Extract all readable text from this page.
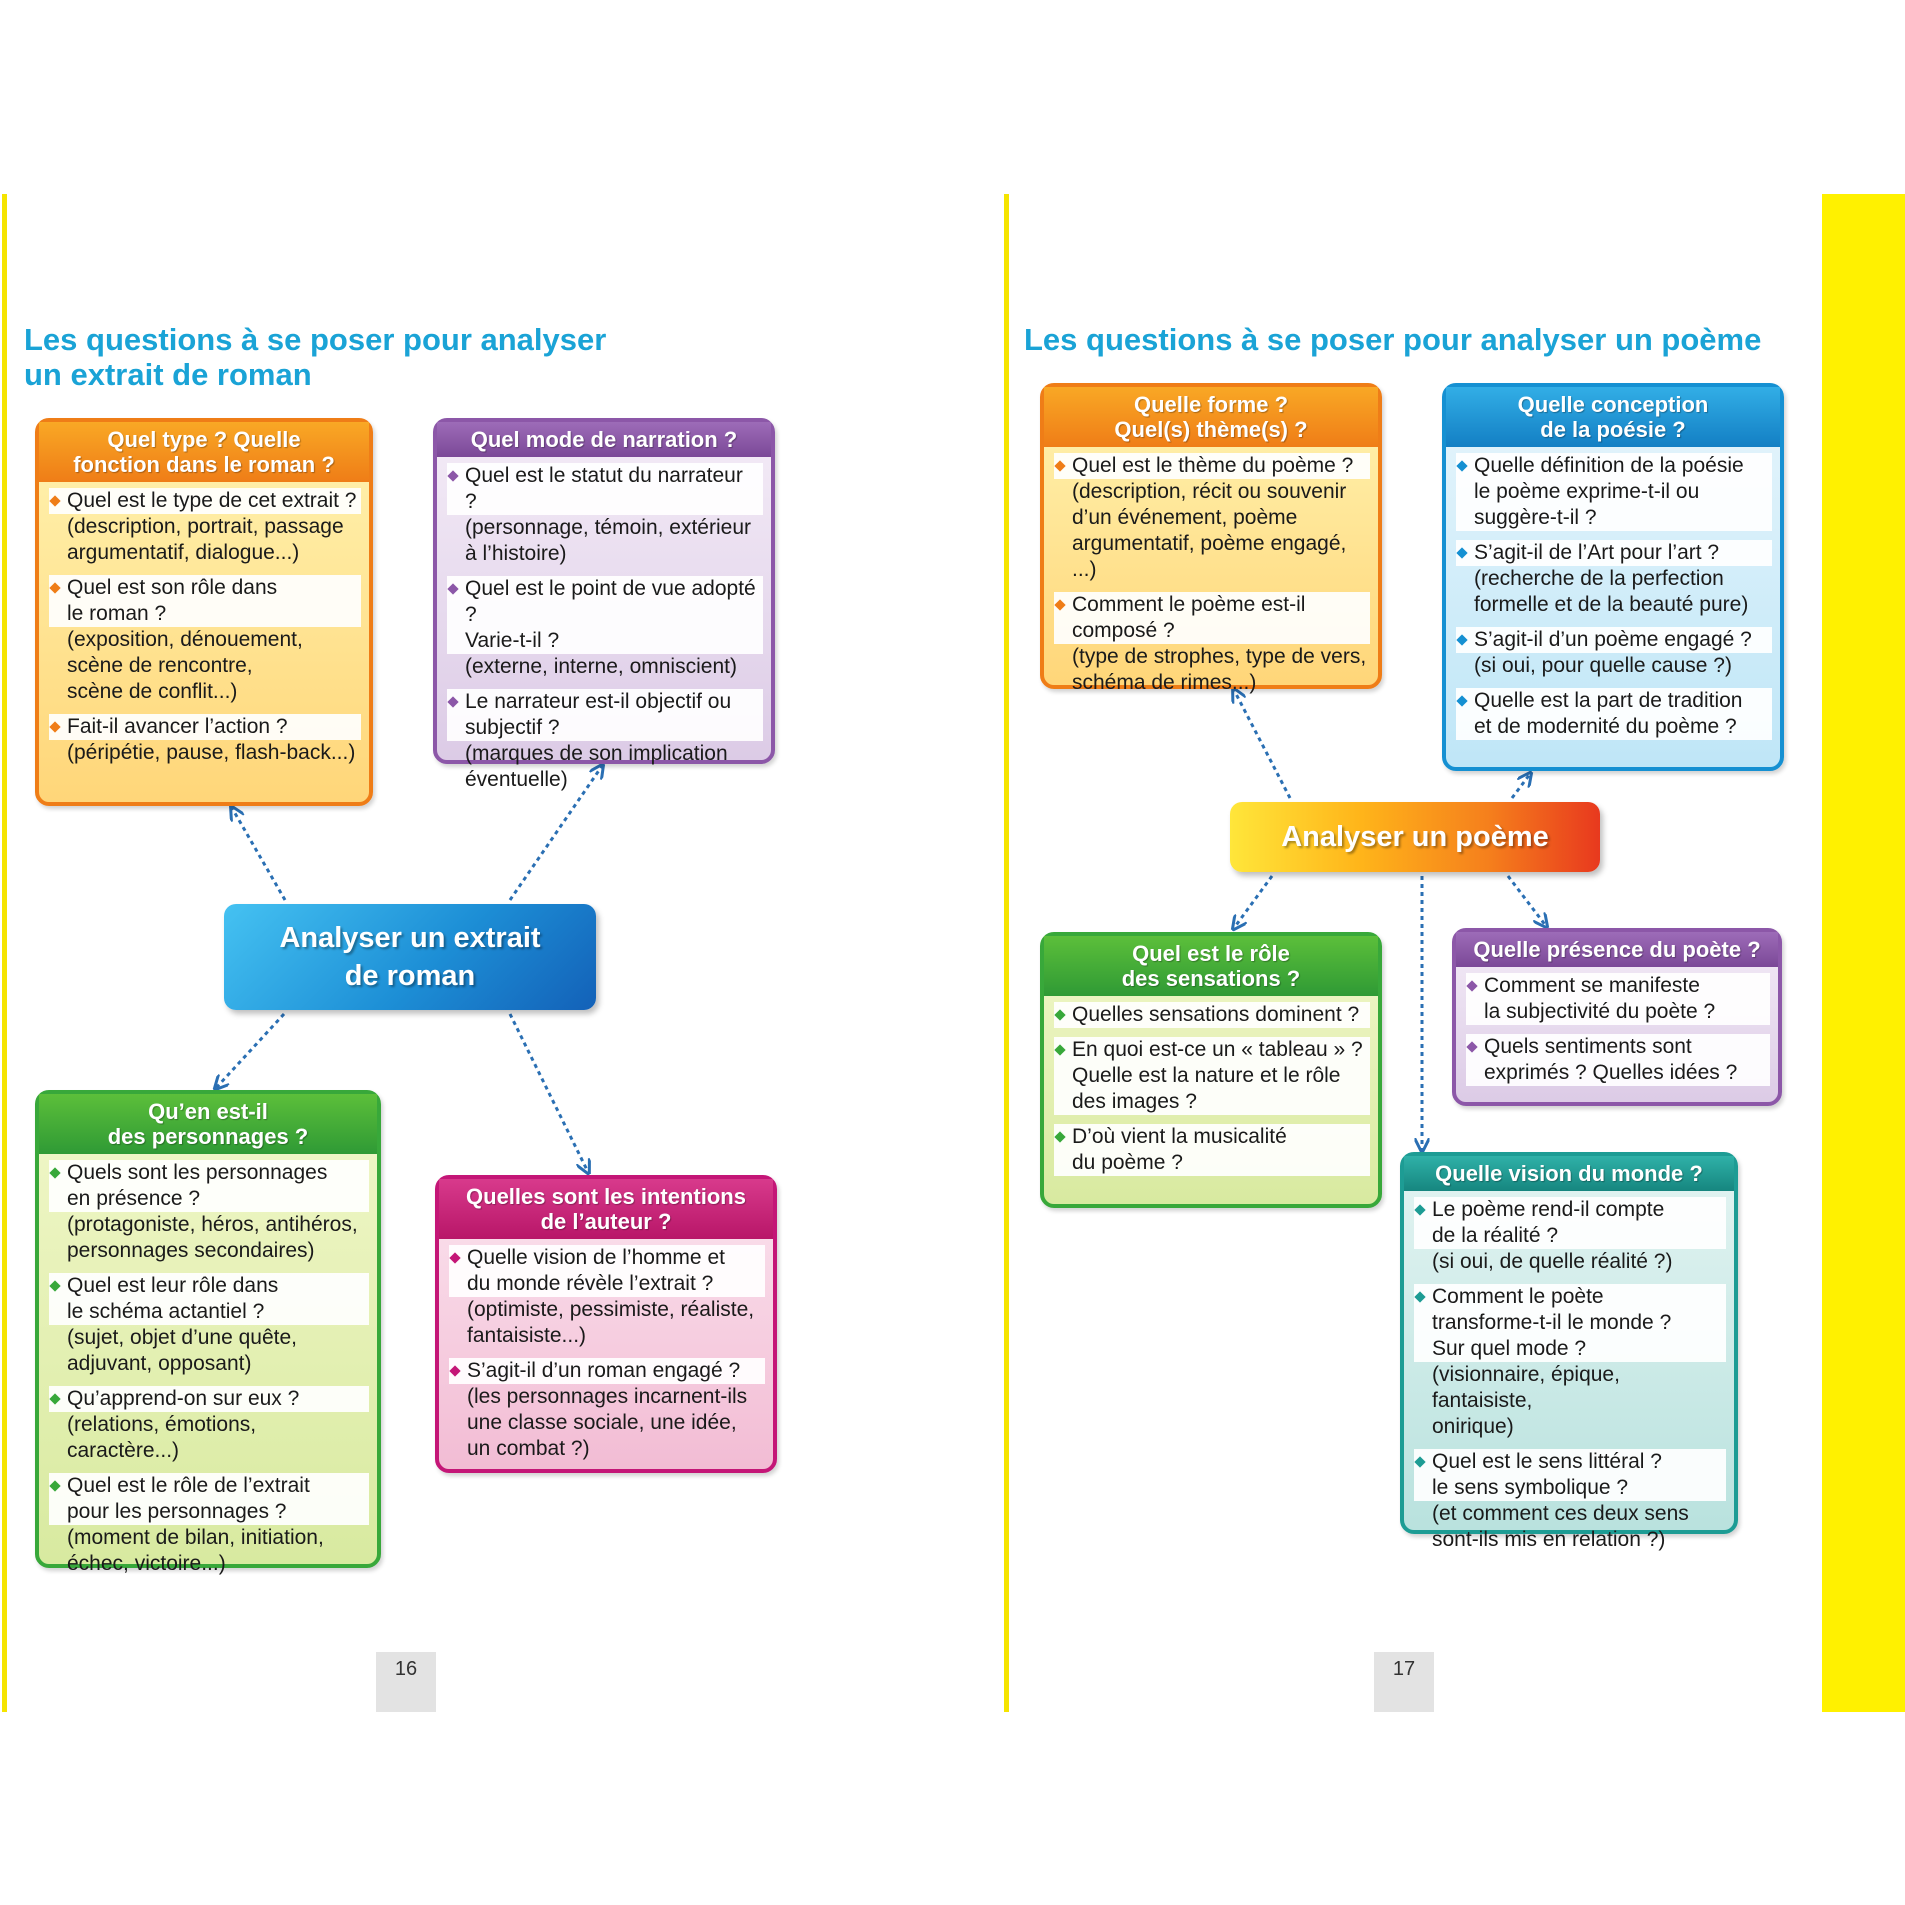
Les questions à se poser pour analyser
un extrait de roman
Les questions à se poser pour analyser un poème
Quel type ? Quelle
fonction dans le roman ?
Quel est le type de cet extrait ?
(description, portrait, passage
argumentatif, dialogue...)
Quel est son rôle dans
le roman ?
(exposition, dénouement,
scène de rencontre,
scène de conflit...)
Fait-il avancer l’action ?
(péripétie, pause, flash-back...)
Quel mode de narration ?
Quel est le statut du narrateur ?
(personnage, témoin, extérieur
à l’histoire)
Quel est le point de vue adopté ?
Varie-t-il ?
(externe, interne, omniscient)
Le narrateur est-il objectif ou
subjectif ?
(marques de son implication
éventuelle)
Analyser un extrait
de roman
Qu’en est-il
des personnages ?
Quels sont les personnages
en présence ?
(protagoniste, héros, antihéros,
personnages secondaires)
Quel est leur rôle dans
le schéma actantiel ?
(sujet, objet d’une quête,
adjuvant, opposant)
Qu’apprend-on sur eux ?
(relations, émotions, caractère...)
Quel est le rôle de l’extrait
pour les personnages ?
(moment de bilan, initiation,
échec, victoire...)
Quelles sont les intentions
de l’auteur ?
Quelle vision de l’homme et
du monde révèle l’extrait ?
(optimiste, pessimiste, réaliste,
fantaisiste...)
S’agit-il d’un roman engagé ?
(les personnages incarnent-ils
une classe sociale, une idée,
un combat ?)
Quelle forme ?
Quel(s) thème(s) ?
Quel est le thème du poème ?
(description, récit ou souvenir
d’un événement, poème
argumentatif, poème engagé, ...)
Comment le poème est-il
composé ?
(type de strophes, type de vers,
schéma de rimes...)
Quelle conception
de la poésie ?
Quelle définition de la poésie
le poème exprime-t-il ou
suggère-t-il ?
S’agit-il de l’Art pour l’art ?
(recherche de la perfection
formelle et de la beauté pure)
S’agit-il d’un poème engagé ?
(si oui, pour quelle cause ?)
Quelle est la part de tradition
et de modernité du poème ?
Analyser un poème
Quel est le rôle
des sensations ?
Quelles sensations dominent ?
En quoi est-ce un « tableau » ?
Quelle est la nature et le rôle
des images ?
D’où vient la musicalité
du poème ?
Quelle présence du poète ?
Comment se manifeste
la subjectivité du poète ?
Quels sentiments sont
exprimés ? Quelles idées ?
Quelle vision du monde ?
Le poème rend-il compte
de la réalité ?
(si oui, de quelle réalité ?)
Comment le poète
transforme-t-il le monde ?
Sur quel mode ?
(visionnaire, épique, fantaisiste,
onirique)
Quel est le sens littéral ?
le sens symbolique ?
(et comment ces deux sens
sont-ils mis en relation ?)
16	17
